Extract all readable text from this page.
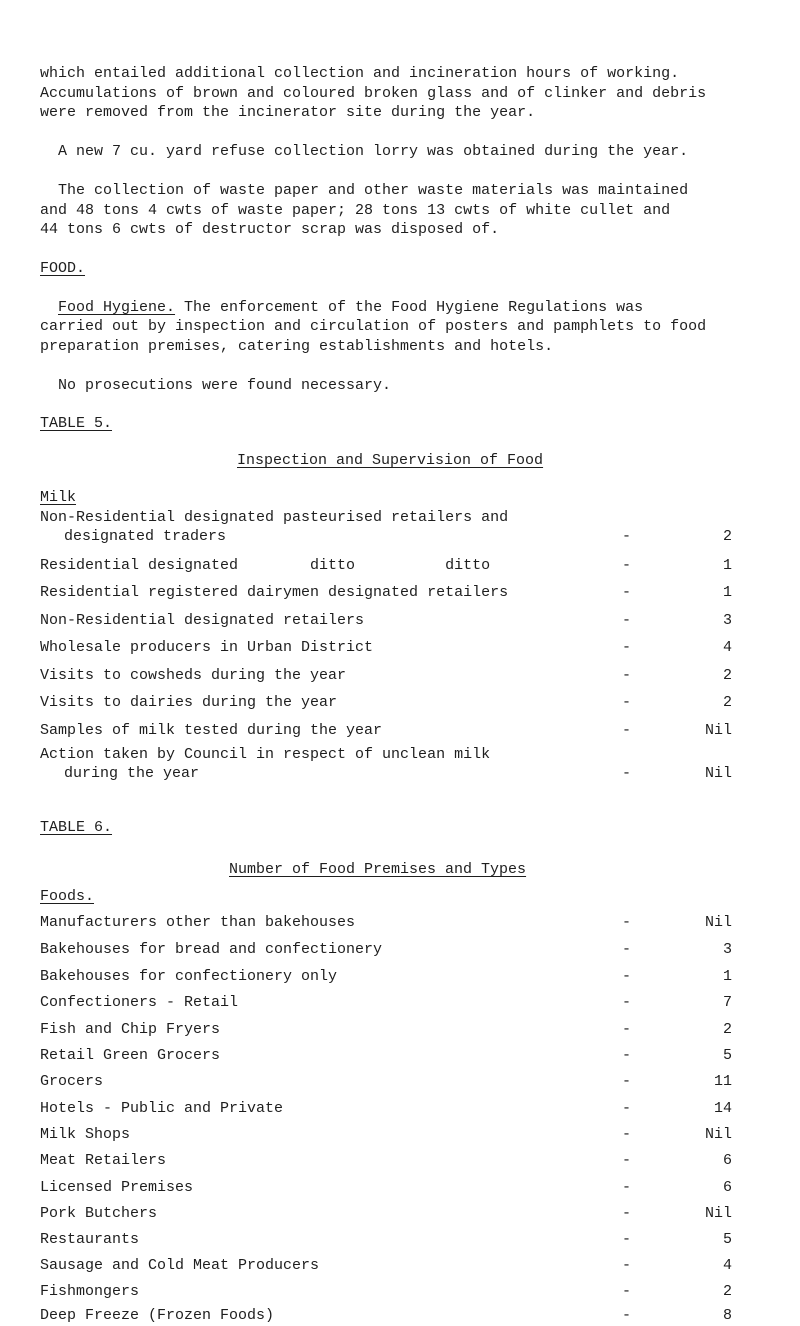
which entailed additional collection and incineration hours of working.

Accumulations of brown and coloured broken glass and of clinker and debris

were removed from the incinerator site during the year.

A new 7 cu. yard refuse collection lorry was obtained during the year.

The collection of waste paper and other waste materials was maintained

and 48 tons 4 cwts of waste paper; 28 tons 13 cwts of white cullet and

44 tons 6 cwts of destructor scrap was disposed of.

FOOD.

Food Hygiene. The enforcement of the Food Hygiene Regulations was

carried out by inspection and circulation of posters and pamphlets to food

preparation premises, catering establishments and hotels.

No prosecutions were found necessary.

TABLE 5.

Inspection and Supervision of Food

Milk

Non-Residential designated pasteurised retailers and
designated traders	-	2
Residential designated        ditto          ditto	-	1
Residential registered dairymen designated retailers	-	1
Non-Residential designated retailers	-	3
Wholesale producers in Urban District	-	4
Visits to cowsheds during the year	-	2
Visits to dairies during the year	-	2
Samples of milk tested during the year	-	Nil
Action taken by Council in respect of unclean milk
during the year	-	Nil

TABLE 6.

Number of Food Premises and Types

Foods.

Manufacturers other than bakehouses	-	Nil
Bakehouses for bread and confectionery	-	3
Bakehouses for confectionery only	-	1
Confectioners - Retail	-	7
Fish and Chip Fryers	-	2
Retail Green Grocers	-	5
Grocers	-	11
Hotels - Public and Private	-	14
Milk Shops	-	Nil
Meat Retailers	-	6
Licensed Premises	-	6
Pork Butchers	-	Nil
Restaurants	-	5
Sausage and Cold Meat Producers	-	4
Fishmongers	-	2
Deep Freeze (Frozen Foods)	-	8
